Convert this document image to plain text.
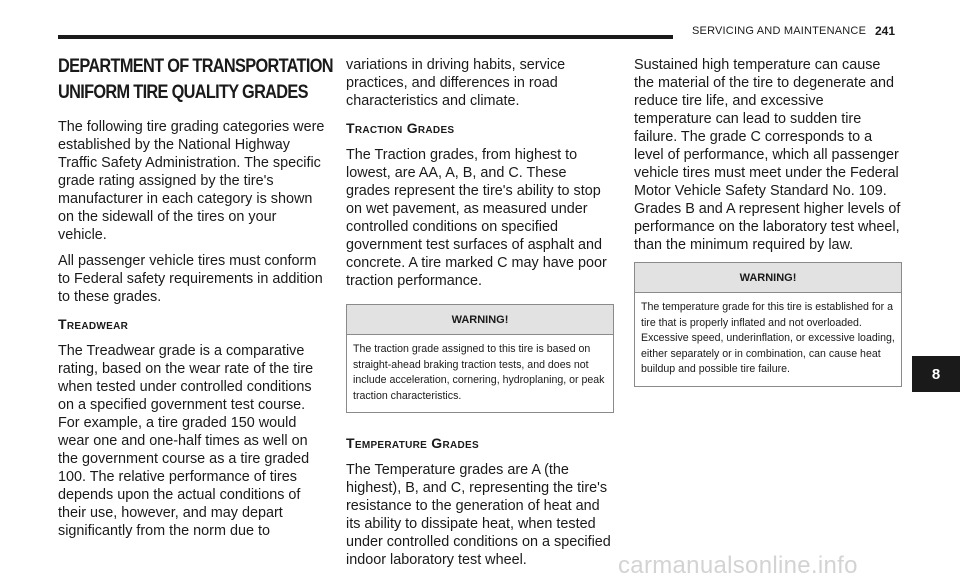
SERVICING AND MAINTENANCE 241
DEPARTMENT OF TRANSPORTATION
UNIFORM TIRE QUALITY GRADES

The following tire grading categories were established by the National Highway Traffic Safety Administration. The specific grade rating assigned by the tire's manufacturer in each category is shown on the sidewall of the tires on your vehicle.

All passenger vehicle tires must conform to Federal safety requirements in addition to these grades.

Treadwear

The Treadwear grade is a comparative rating, based on the wear rate of the tire when tested under controlled conditions on a specified government test course. For example, a tire graded 150 would wear one and one-half times as well on the government course as a tire graded 100. The relative performance of tires depends upon the actual conditions of their use, however, and may depart significantly from the norm due to

variations in driving habits, service practices, and differences in road characteristics and climate.

Traction Grades

The Traction grades, from highest to lowest, are AA, A, B, and C. These grades represent the tire's ability to stop on wet pavement, as measured under controlled conditions on specified government test surfaces of asphalt and concrete. A tire marked C may have poor traction performance.

WARNING!
The traction grade assigned to this tire is based on straight-ahead braking traction tests, and does not include acceleration, cornering, hydroplaning, or peak traction characteristics.
Temperature Grades

The Temperature grades are A (the highest), B, and C, representing the tire's resistance to the generation of heat and its ability to dissipate heat, when tested under controlled conditions on a specified indoor laboratory test wheel.

Sustained high temperature can cause the material of the tire to degenerate and reduce tire life, and excessive temperature can lead to sudden tire failure. The grade C corresponds to a level of performance, which all passenger vehicle tires must meet under the Federal Motor Vehicle Safety Standard No. 109. Grades B and A represent higher levels of performance on the laboratory test wheel, than the minimum required by law.

WARNING!
The temperature grade for this tire is established for a tire that is properly inflated and not overloaded. Excessive speed, underinflation, or excessive loading, either separately or in combination, can cause heat buildup and possible tire failure.	8
carmanualsonline.info
